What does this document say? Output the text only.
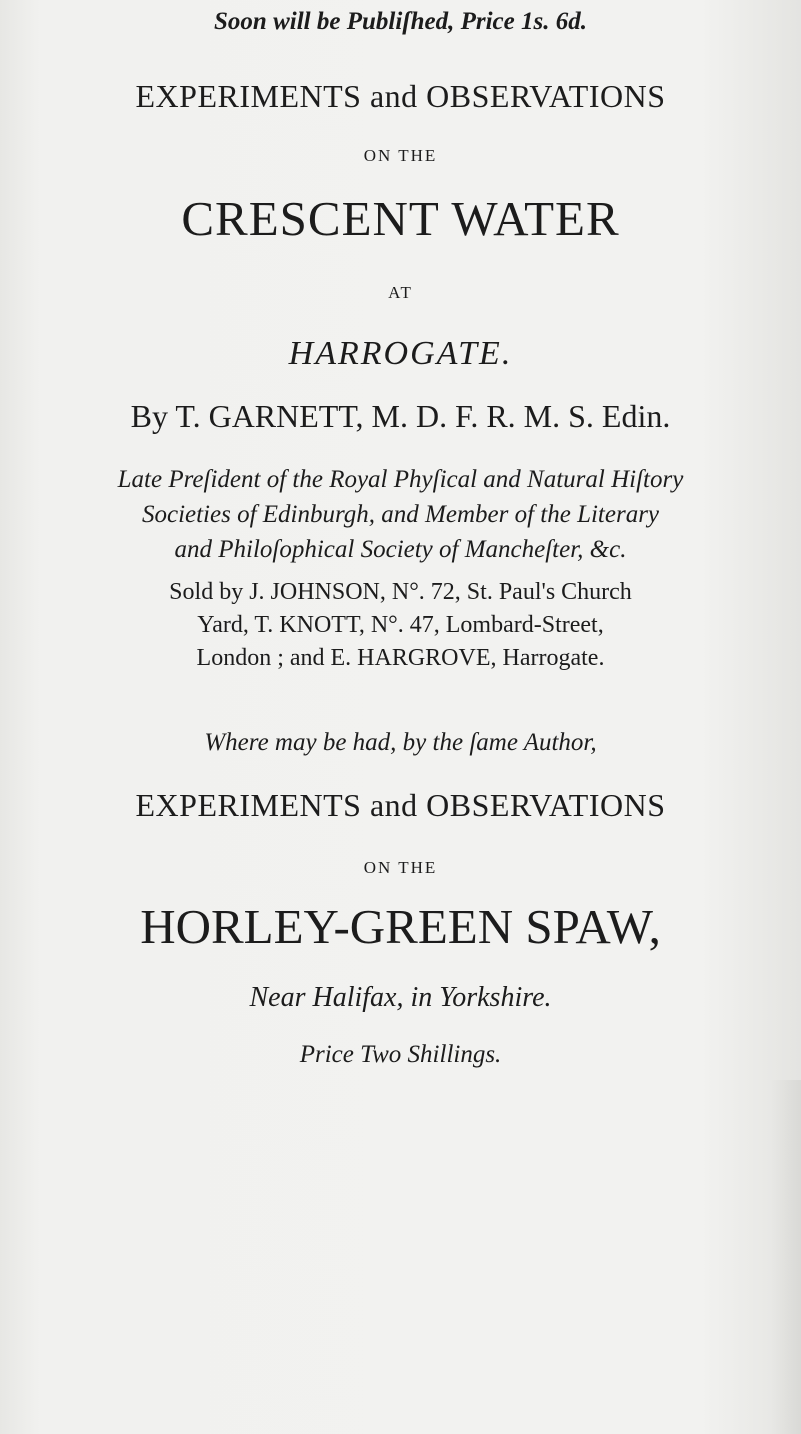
Soon will be Publiſhed, Price 1s. 6d.
EXPERIMENTS and OBSERVATIONS
ON THE
CRESCENT WATER
AT
HARROGATE.
By T. GARNETT, M. D. F. R. M. S. Edin.
Late Preſident of the Royal Phyſical and Natural Hiſtory
Societies of Edinburgh, and Member of the Literary
and Philoſophical Society of Mancheſter, &c.
Sold by J. JOHNSON, N°. 72, St. Paul's Church
Yard, T. KNOTT, N°. 47, Lombard-Street,
London ; and E. HARGROVE, Harrogate.
Where may be had, by the ſame Author,
EXPERIMENTS and OBSERVATIONS
ON THE
HORLEY-GREEN SPAW,
Near Halifax, in Yorkshire.
Price Two Shillings.
